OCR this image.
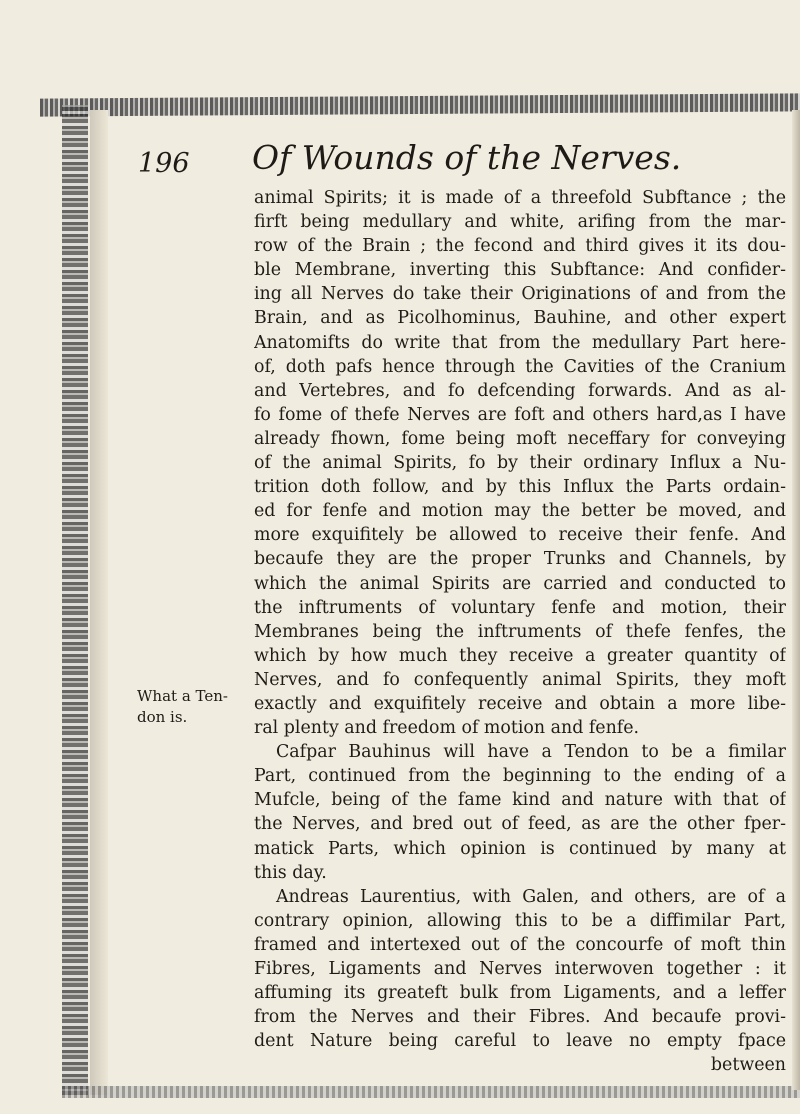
196 Of Wounds of the Nerves.
What a Ten-
don is.
animal Spirits; it is made of a threefold Subftance ; the
firft being medullary and white, arifing from the mar-
row of the Brain ; the fecond and third gives it its dou-
ble Membrane, inverting this Subftance: And confider-
ing all Nerves do take their Originations of and from the
Brain, and as Picolhominus, Bauhine, and other expert
Anatomifts do write that from the medullary Part here-
of, doth pafs hence through the Cavities of the Cranium
and Vertebres, and fo defcending forwards. And as al-
fo fome of thefe Nerves are foft and others hard,as I have
already fhown, fome being moft neceffary for conveying
of the animal Spirits, fo by their ordinary Influx a Nu-
trition doth follow, and by this Influx the Parts ordain-
ed for fenfe and motion may the better be moved, and
more exquifitely be allowed to receive their fenfe. And
becaufe they are the proper Trunks and Channels, by
which the animal Spirits are carried and conducted to
the inftruments of voluntary fenfe and motion, their
Membranes being the inftruments of thefe fenfes, the
which by how much they receive a greater quantity of
Nerves, and fo confequently animal Spirits, they moft
exactly and exquifitely receive and obtain a more libe-
ral plenty and freedom of motion and fenfe.
Cafpar Bauhinus will have a Tendon to be a fimilar
Part, continued from the beginning to the ending of a
Mufcle, being of the fame kind and nature with that of
the Nerves, and bred out of feed, as are the other fper-
matick Parts, which opinion is continued by many at
this day.
Andreas Laurentius, with Galen, and others, are of a
contrary opinion, allowing this to be a diffimilar Part,
framed and intertexed out of the concourfe of moft thin
Fibres, Ligaments and Nerves interwoven together : it
affuming its greateft bulk from Ligaments, and a leffer
from the Nerves and their Fibres. And becaufe provi-
dent Nature being careful to leave no empty fpace
between
